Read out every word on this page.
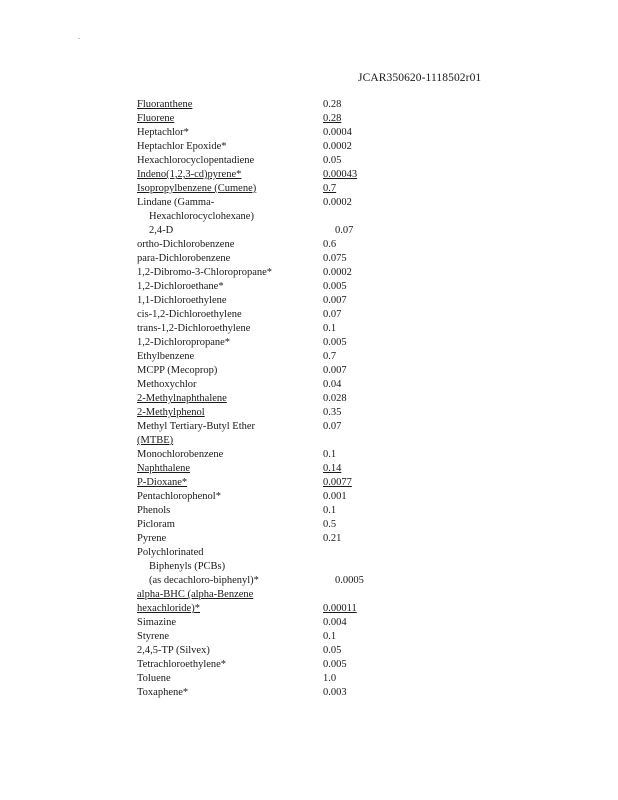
.
JCAR350620-1118502r01
Fluoranthene	0.28
Fluorene	0.28
Heptachlor*	0.0004
Heptachlor Epoxide*	0.0002
Hexachlorocyclopentadiene	0.05
Indeno(1,2,3-cd)pyrene*	0.00043
Isopropylbenzene (Cumene)	0.7
Lindane (Gamma-	0.0002
Hexachlorocyclohexane)
2,4-D	0.07
ortho-Dichlorobenzene	0.6
para-Dichlorobenzene	0.075
1,2-Dibromo-3-Chloropropane*	0.0002
1,2-Dichloroethane*	0.005
1,1-Dichloroethylene	0.007
cis-1,2-Dichloroethylene	0.07
trans-1,2-Dichloroethylene	0.1
1,2-Dichloropropane*	0.005
Ethylbenzene	0.7
MCPP (Mecoprop)	0.007
Methoxychlor	0.04
2-Methylnaphthalene	0.028
2-Methylphenol	0.35
Methyl Tertiary-Butyl Ether	0.07
(MTBE)
Monochlorobenzene	0.1
Naphthalene	0.14
P-Dioxane*	0.0077
Pentachlorophenol*	0.001
Phenols	0.1
Picloram	0.5
Pyrene	0.21
Polychlorinated
Biphenyls (PCBs)
(as decachloro-biphenyl)*	0.0005
alpha-BHC (alpha-Benzene
hexachloride)*	0.00011
Simazine	0.004
Styrene	0.1
2,4,5-TP (Silvex)	0.05
Tetrachloroethylene*	0.005
Toluene	1.0
Toxaphene*	0.003
